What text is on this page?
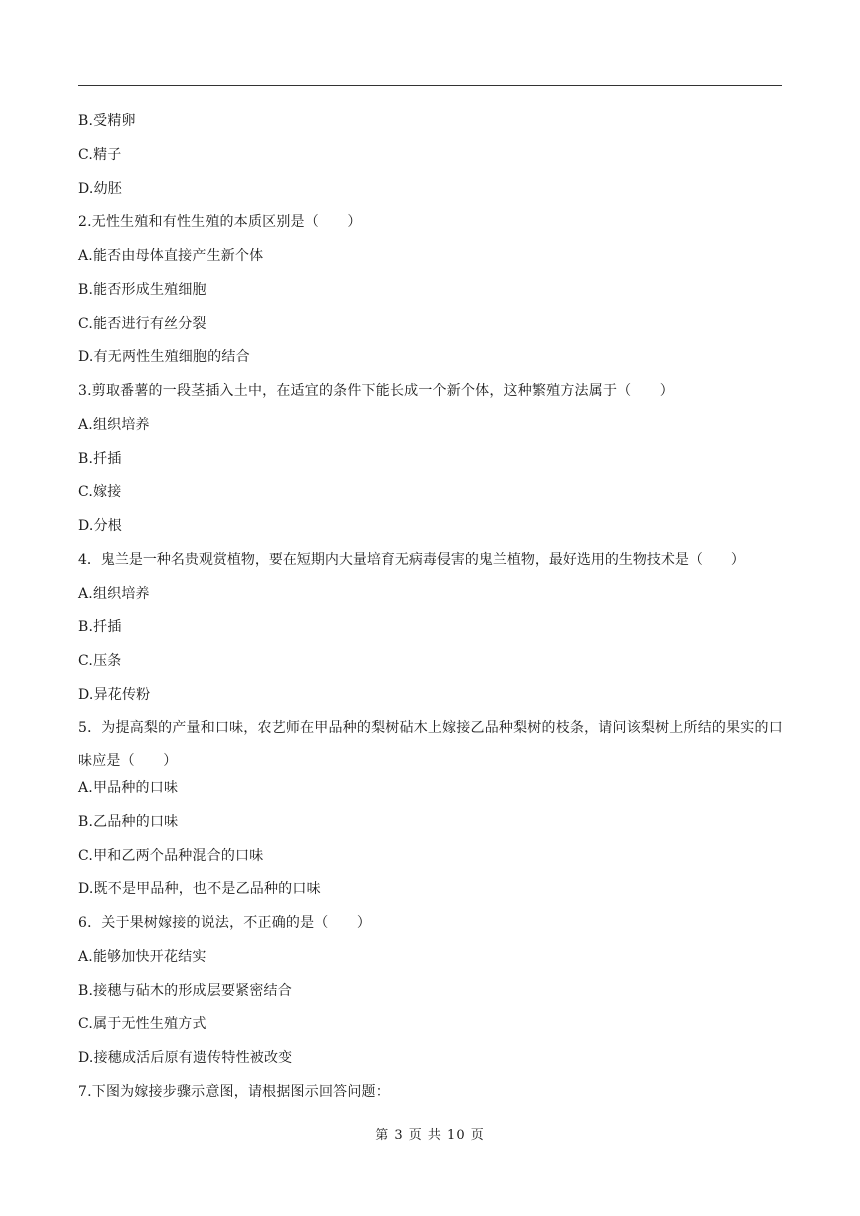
B.受精卵
C.精子
D.幼胚
2.无性生殖和有性生殖的本质区别是（　　）
A.能否由母体直接产生新个体
B.能否形成生殖细胞
C.能否进行有丝分裂
D.有无两性生殖细胞的结合
3.剪取番薯的一段茎插入土中，在适宜的条件下能长成一个新个体，这种繁殖方法属于（　　）
A.组织培养
B.扦插
C.嫁接
D.分根
4．鬼兰是一种名贵观赏植物，要在短期内大量培育无病毒侵害的鬼兰植物，最好选用的生物技术是（　　）
A.组织培养
B.扦插
C.压条
D.异花传粉
5．为提高梨的产量和口味，农艺师在甲品种的梨树砧木上嫁接乙品种梨树的枝条，请问该梨树上所结的果实的口味应是（　　）
A.甲品种的口味
B.乙品种的口味
C.甲和乙两个品种混合的口味
D.既不是甲品种，也不是乙品种的口味
6．关于果树嫁接的说法，不正确的是（　　）
A.能够加快开花结实
B.接穗与砧木的形成层要紧密结合
C.属于无性生殖方式
D.接穗成活后原有遗传特性被改变
7.下图为嫁接步骤示意图，请根据图示回答问题：
第 3 页 共 10 页
